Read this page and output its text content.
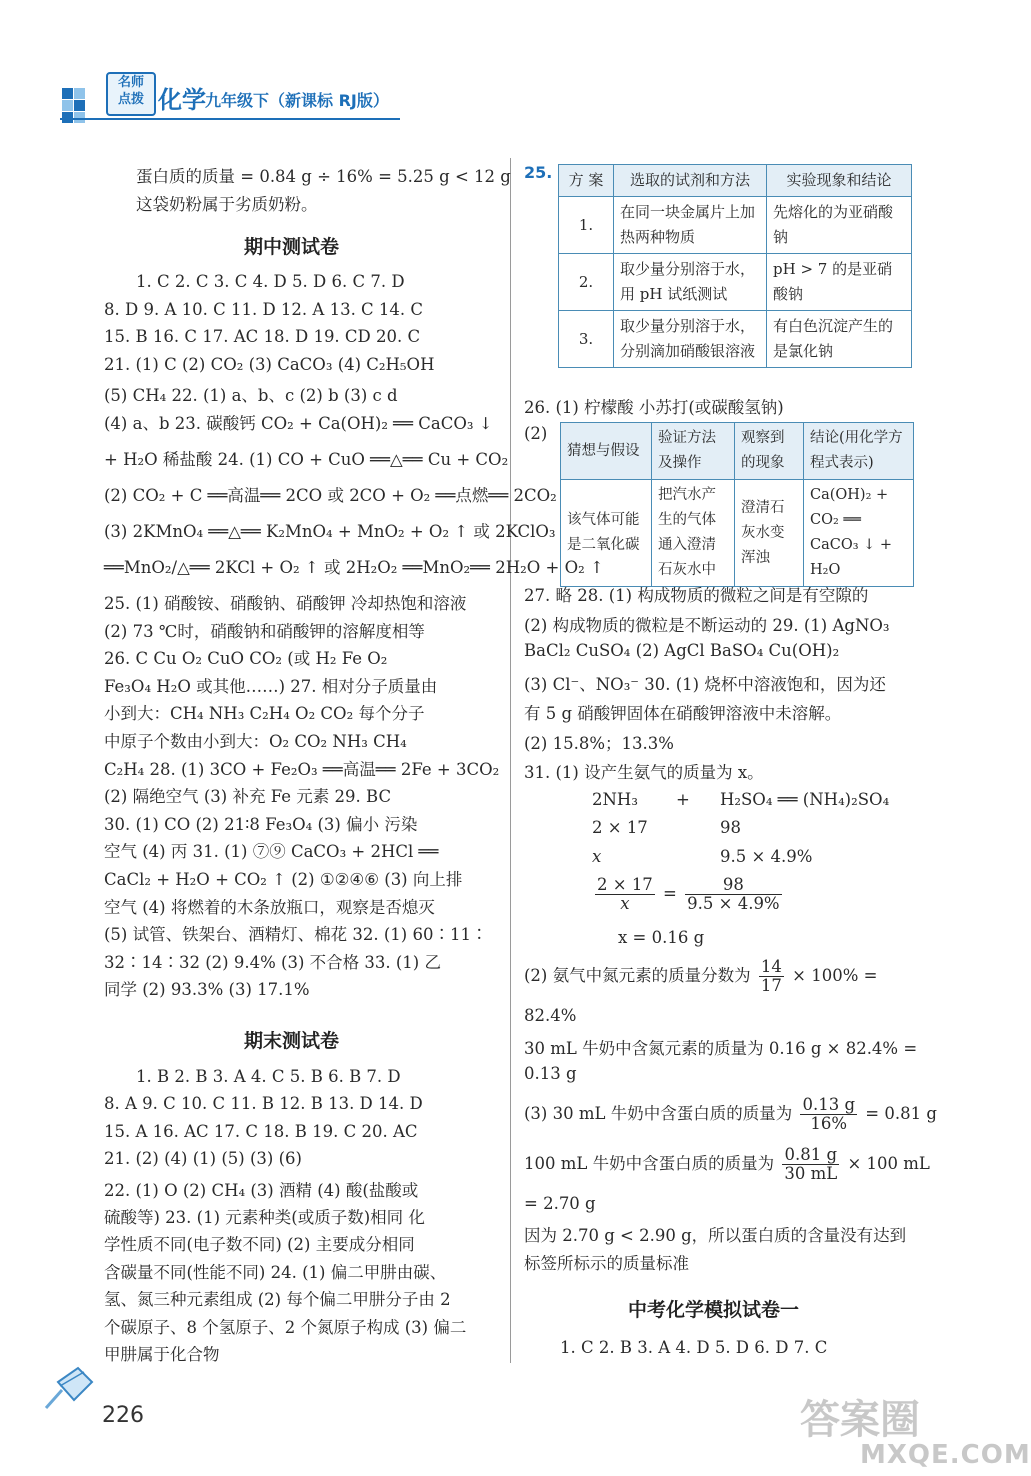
名师
点拨 化学 九年级下（新课标 RJ版）
蛋白质的质量 = 0.84 g ÷ 16% = 5.25 g < 12 g
这袋奶粉属于劣质奶粉。
期中测试卷
1. C 2. C 3. C 4. D 5. D 6. C 7. D
8. D 9. A 10. C 11. D 12. A 13. C 14. C
15. B 16. C 17. AC 18. D 19. CD 20. C
21. (1) C (2) CO₂ (3) CaCO₃ (4) C₂H₅OH
(5) CH₄ 22. (1) a、b、c (2) b (3) c d
(4) a、b 23. 碳酸钙 CO₂ + Ca(OH)₂ ══ CaCO₃ ↓
+ H₂O 稀盐酸 24. (1) CO + CuO ══△══ Cu + CO₂
(2) CO₂ + C ══高温══ 2CO 或 2CO + O₂ ══点燃══ 2CO₂
(3) 2KMnO₄ ══△══ K₂MnO₄ + MnO₂ + O₂ ↑ 或 2KClO₃
══MnO₂/△══ 2KCl + O₂ ↑ 或 2H₂O₂ ══MnO₂══ 2H₂O + O₂ ↑
25. (1) 硝酸铵、硝酸钠、硝酸钾 冷却热饱和溶液
(2) 73 ℃时，硝酸钠和硝酸钾的溶解度相等
26. C Cu O₂ CuO CO₂ (或 H₂ Fe O₂
Fe₃O₄ H₂O 或其他……) 27. 相对分子质量由
小到大：CH₄ NH₃ C₂H₄ O₂ CO₂ 每个分子
中原子个数由小到大：O₂ CO₂ NH₃ CH₄
C₂H₄ 28. (1) 3CO + Fe₂O₃ ══高温══ 2Fe + 3CO₂
(2) 隔绝空气 (3) 补充 Fe 元素 29. BC
30. (1) CO (2) 21∶8 Fe₃O₄ (3) 偏小 污染
空气 (4) 丙 31. (1) ⑦⑨ CaCO₃ + 2HCl ══
CaCl₂ + H₂O + CO₂ ↑ (2) ①②④⑥ (3) 向上排
空气 (4) 将燃着的木条放瓶口，观察是否熄灭
(5) 试管、铁架台、酒精灯、棉花 32. (1) 60∶11∶
32∶14∶32 (2) 9.4% (3) 不合格 33. (1) 乙
同学 (2) 93.3% (3) 17.1%
期末测试卷
1. B 2. B 3. A 4. C 5. B 6. B 7. D
8. A 9. C 10. C 11. B 12. B 13. D 14. D
15. A 16. AC 17. C 18. B 19. C 20. AC
21. (2) (4) (1) (5) (3) (6)
22. (1) O (2) CH₄ (3) 酒精 (4) 酸(盐酸或
硫酸等) 23. (1) 元素种类(或质子数)相同 化
学性质不同(电子数不同) (2) 主要成分相同
含碳量不同(性能不同) 24. (1) 偏二甲肼由碳、
氢、氮三种元素组成 (2) 每个偏二甲肼分子由 2
个碳原子、8 个氢原子、2 个氮原子构成 (3) 偏二
甲肼属于化合物
25. 方 案	选取的试剂和方法	实验现象和结论
1.	在同一块金属片上加热两种物质	先熔化的为亚硝酸钠
2.	取少量分别溶于水，用 pH 试纸测试	pH > 7 的是亚硝酸钠
3.	取少量分别溶于水，分别滴加硝酸银溶液	有白色沉淀产生的是氯化钠
26. (1) 柠檬酸 小苏打(或碳酸氢钠)
(2)
猜想与假设	验证方法及操作	观察到的现象	结论(用化学方程式表示)
该气体可能是二氧化碳	把汽水产生的气体通入澄清石灰水中	澄清石灰水变浑浊	Ca(OH)₂ + CO₂ ══ CaCO₃ ↓ + H₂O
27. 略 28. (1) 构成物质的微粒之间是有空隙的
(2) 构成物质的微粒是不断运动的 29. (1) AgNO₃
BaCl₂ CuSO₄ (2) AgCl BaSO₄ Cu(OH)₂
(3) Cl⁻、NO₃⁻ 30. (1) 烧杯中溶液饱和，因为还
有 5 g 硝酸钾固体在硝酸钾溶液中未溶解。
(2) 15.8%；13.3%
31. (1) 设产生氨气的质量为 x。
2NH₃ + H₂SO₄ ══ (NH₄)₂SO₄
2 × 17	98
x	9.5 × 4.9%
$\frac{2 \times 17}{x} = \frac{98}{9.5 \times 4.9\%}$
x = 0.16 g
(2) 氨气中氮元素的质量分数为 $\frac{14}{17} \times 100\%$ =
82.4%
30 mL 牛奶中含氮元素的质量为 0.16 g × 82.4% =
0.13 g
(3) 30 mL 牛奶中含蛋白质的质量为 $\frac{0.13 g}{16\%} = 0.81$ g
100 mL 牛奶中含蛋白质的质量为 $\frac{0.81 g}{30 mL} \times 100$ mL
= 2.70 g
因为 2.70 g < 2.90 g，所以蛋白质的含量没有达到
标签所标示的质量标准
中考化学模拟试卷一
1. C 2. B 3. A 4. D 5. D 6. D 7. C
226	答案圈
MXQE.COM
